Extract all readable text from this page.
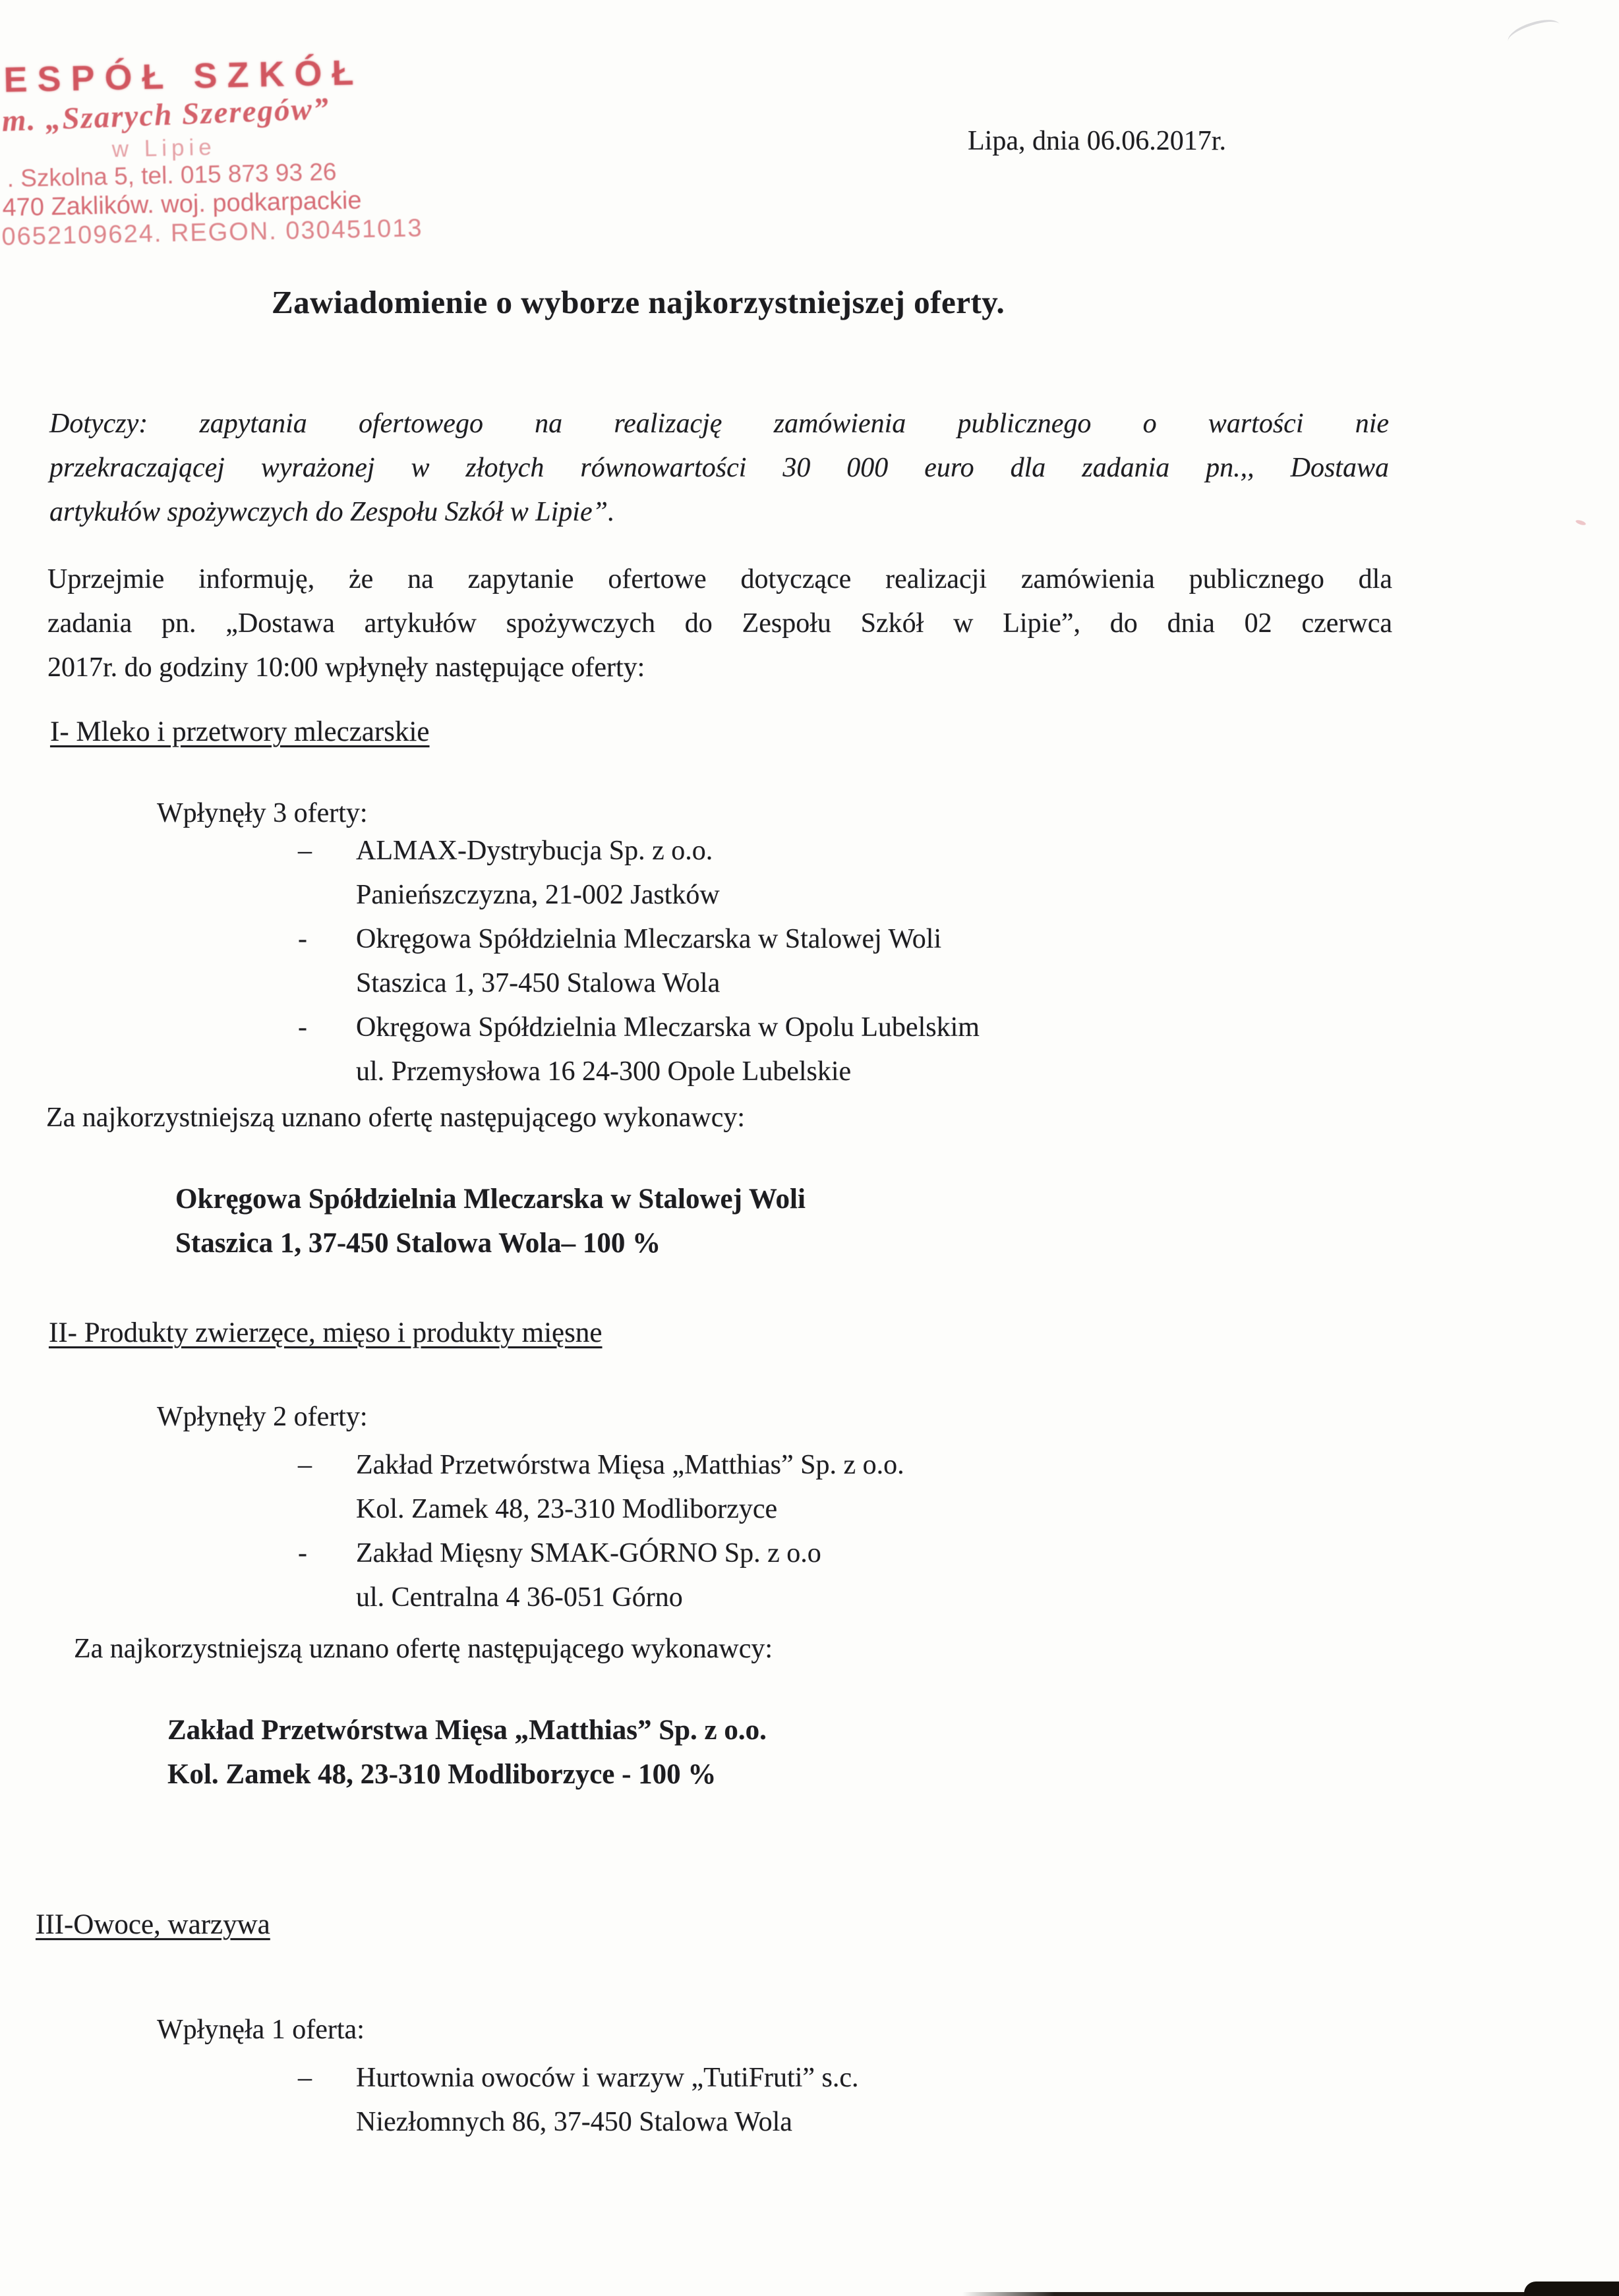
ESPÓŁ SZKÓŁ
m. „Szarych Szeregów”
w Lipie
. Szkolna 5, tel. 015 873 93 26
470 Zaklików. woj. podkarpackie
0652109624. REGON. 030451013
Lipa, dnia 06.06.2017r.
Zawiadomienie o wyborze najkorzystniejszej oferty.
Dotyczy: zapytania ofertowego na realizację zamówienia publicznego o wartości nie
przekraczającej wyrażonej w złotych równowartości 30 000 euro dla zadania pn.,, Dostawa
artykułów spożywczych do Zespołu Szkół w Lipie”.
Uprzejmie informuję, że na zapytanie ofertowe dotyczące realizacji zamówienia publicznego dla
zadania pn. „Dostawa artykułów spożywczych do Zespołu Szkół w Lipie”, do dnia 02 czerwca
2017r. do godziny 10:00 wpłynęły następujące oferty:
I- Mleko i przetwory mleczarskie
Wpłynęły 3 oferty:
– ALMAX-Dystrybucja Sp. z o.o.
Panieńszczyzna, 21-002 Jastków
- Okręgowa Spółdzielnia Mleczarska w Stalowej Woli
Staszica 1, 37-450 Stalowa Wola
- Okręgowa Spółdzielnia Mleczarska w Opolu Lubelskim
ul. Przemysłowa 16 24-300 Opole Lubelskie
Za najkorzystniejszą uznano ofertę następującego wykonawcy:
Okręgowa Spółdzielnia Mleczarska w Stalowej Woli
Staszica 1, 37-450 Stalowa Wola– 100 %
II- Produkty zwierzęce, mięso i produkty mięsne
Wpłynęły 2 oferty:
– Zakład Przetwórstwa Mięsa „Matthias” Sp. z o.o.
Kol. Zamek 48, 23-310 Modliborzyce
- Zakład Mięsny SMAK-GÓRNO Sp. z o.o
ul. Centralna 4 36-051 Górno
Za najkorzystniejszą uznano ofertę następującego wykonawcy:
Zakład Przetwórstwa Mięsa „Matthias” Sp. z o.o.
Kol. Zamek 48, 23-310 Modliborzyce - 100 %
III-Owoce, warzywa
Wpłynęła 1 oferta:
– Hurtownia owoców i warzyw „TutiFruti” s.c.
Niezłomnych 86, 37-450 Stalowa Wola
